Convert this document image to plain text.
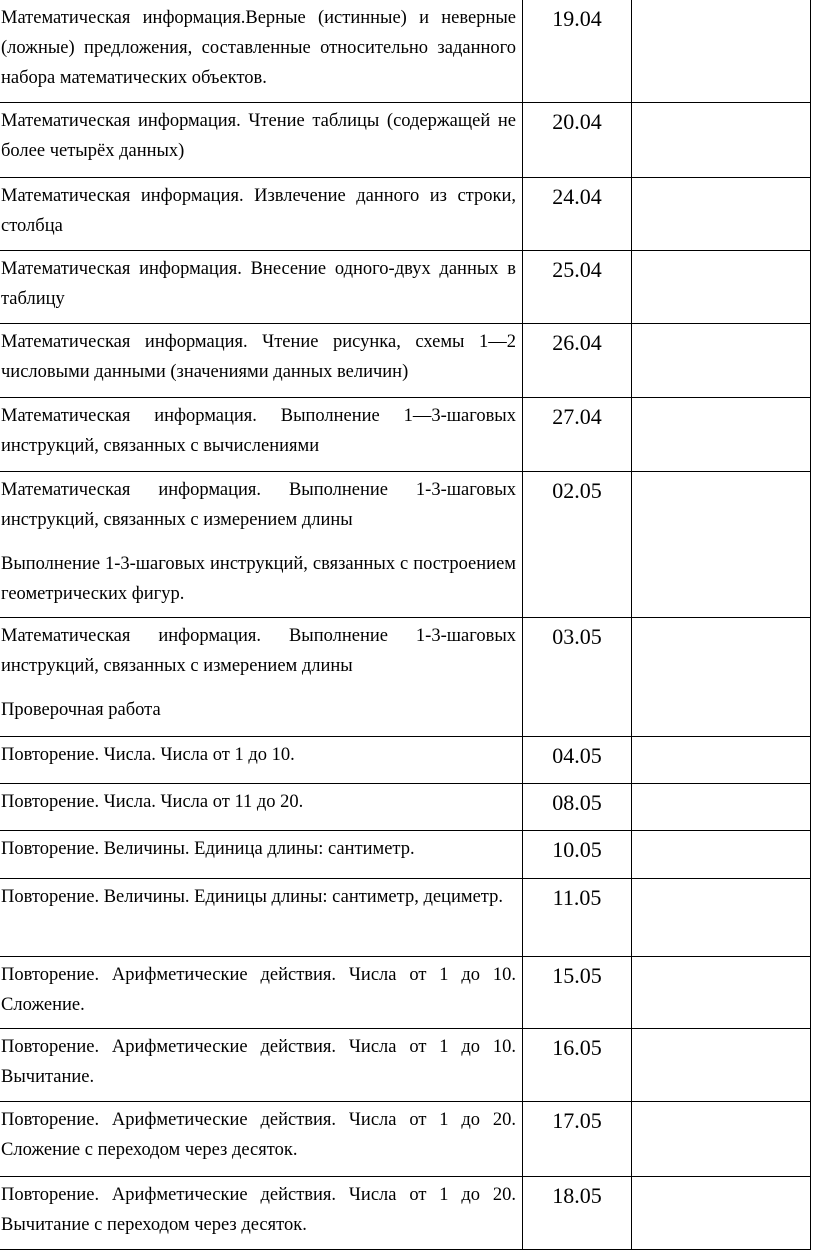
Математическая информация.Верные (истинные) и неверные (ложные) предложения, составленные относительно заданного набора математических объектов.	19.04	

Математическая информация. Чтение таблицы (содержащей не более четырёх данных)	20.04	

Математическая информация. Извлечение данного из строки, столбца	24.04	

Математическая информация. Внесение одного-двух данных в таблицу	25.04	

Математическая информация. Чтение рисунка, схемы 1—2 числовыми данными (значениями данных величин)	26.04	

Математическая информация. Выполнение 1—3-шаговых инструкций, связанных с вычислениями	27.04	

Математическая информация. Выполнение 1-3-шаговых инструкций, связанных с измерением длины

Выполнение 1-3-шаговых инструкций, связанных с построением геометрических фигур.	02.05	

Математическая информация. Выполнение 1-3-шаговых инструкций, связанных с измерением длины

Проверочная работа	03.05	

Повторение. Числа. Числа от 1 до 10.	04.05	

Повторение. Числа. Числа от 11 до 20.	08.05	

Повторение. Величины. Единица длины: сантиметр.	10.05	

Повторение. Величины. Единицы длины: сантиметр, дециметр.	11.05	

Повторение. Арифметические действия. Числа от 1 до 10. Сложение.	15.05	

Повторение. Арифметические действия. Числа от 1 до 10. Вычитание.	16.05	

Повторение. Арифметические действия. Числа от 1 до 20. Сложение с переходом через десяток.	17.05	

Повторение. Арифметические действия. Числа от 1 до 20. Вычитание с переходом через десяток.	18.05	
